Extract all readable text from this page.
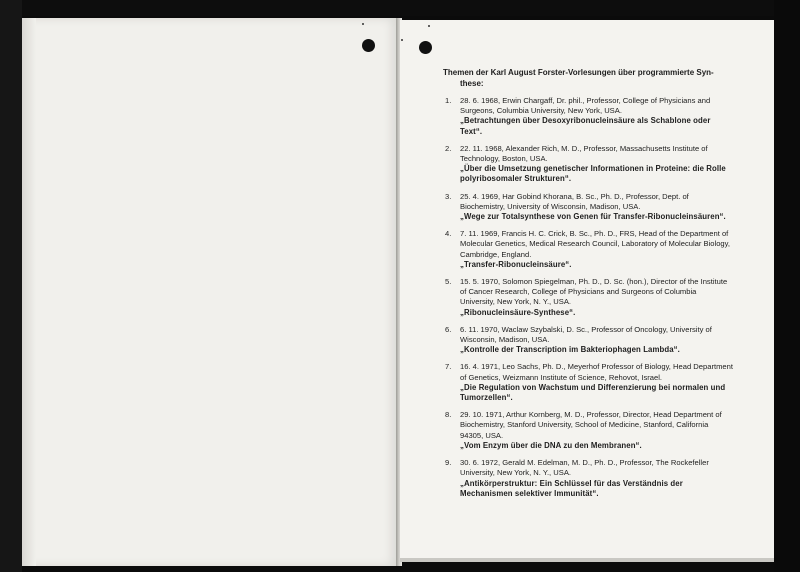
Themen der Karl August Forster-Vorlesungen über programmierte Syn-
these:
1. 28. 6. 1968, Erwin Chargaff, Dr. phil., Professor, College of Physicians and Surgeons, Columbia University, New York, USA.
„Betrachtungen über Desoxyribonucleinsäure als Schablone oder Text“.
2. 22. 11. 1968, Alexander Rich, M. D., Professor, Massachusetts Institute of Technology, Boston, USA.
„Über die Umsetzung genetischer Informationen in Proteine: die Rolle polyribosomaler Strukturen“.
3. 25. 4. 1969, Har Gobind Khorana, B. Sc., Ph. D., Professor, Dept. of Biochemistry, University of Wisconsin, Madison, USA.
„Wege zur Totalsynthese von Genen für Transfer-Ribonucleinsäuren“.
4. 7. 11. 1969, Francis H. C. Crick, B. Sc., Ph. D., FRS, Head of the Department of Molecular Genetics, Medical Research Council, Laboratory of Molecular Biology, Cambridge, England.
„Transfer-Ribonucleinsäure“.
5. 15. 5. 1970, Solomon Spiegelman, Ph. D., D. Sc. (hon.), Director of the Institute of Cancer Research, College of Physicians and Surgeons of Columbia University, New York, N. Y., USA.
„Ribonucleinsäure-Synthese“.
6. 6. 11. 1970, Waclaw Szybalski, D. Sc., Professor of Oncology, University of Wisconsin, Madison, USA.
„Kontrolle der Transcription im Bakteriophagen Lambda“.
7. 16. 4. 1971, Leo Sachs, Ph. D., Meyerhof Professor of Biology, Head Department of Genetics, Weizmann Institute of Science, Rehovot, Israel.
„Die Regulation von Wachstum und Differenzierung bei normalen und Tumorzellen“.
8. 29. 10. 1971, Arthur Kornberg, M. D., Professor, Director, Head Department of Biochemistry, Stanford University, School of Medicine, Stanford, California 94305, USA.
„Vom Enzym über die DNA zu den Membranen“.
9. 30. 6. 1972, Gerald M. Edelman, M. D., Ph. D., Professor, The Rockefeller University, New York, N. Y., USA.
„Antikörperstruktur: Ein Schlüssel für das Verständnis der Mechanismen selektiver Immunität“.
